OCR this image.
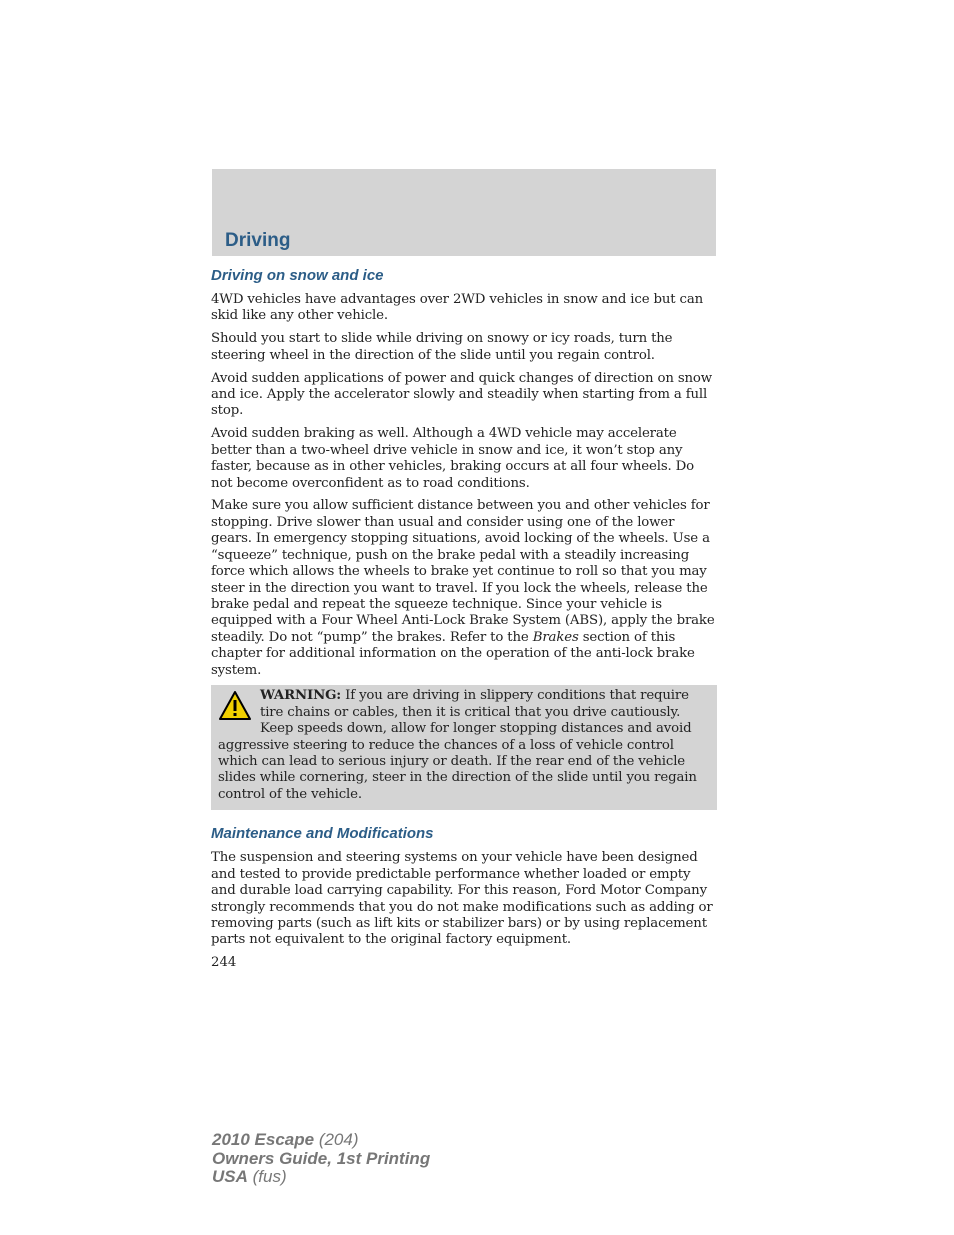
Driving
Driving on snow and ice

4WD vehicles have advantages over 2WD vehicles in snow and ice but can skid like any other vehicle.

Should you start to slide while driving on snowy or icy roads, turn the steering wheel in the direction of the slide until you regain control.

Avoid sudden applications of power and quick changes of direction on snow and ice. Apply the accelerator slowly and steadily when starting from a full stop.

Avoid sudden braking as well. Although a 4WD vehicle may accelerate better than a two-wheel drive vehicle in snow and ice, it won’t stop any faster, because as in other vehicles, braking occurs at all four wheels. Do not become overconfident as to road conditions.

Make sure you allow sufficient distance between you and other vehicles for stopping. Drive slower than usual and consider using one of the lower gears. In emergency stopping situations, avoid locking of the wheels. Use a “squeeze” technique, push on the brake pedal with a steadily increasing force which allows the wheels to brake yet continue to roll so that you may steer in the direction you want to travel. If you lock the wheels, release the brake pedal and repeat the squeeze technique. Since your vehicle is equipped with a Four Wheel Anti-Lock Brake System (ABS), apply the brake steadily. Do not “pump” the brakes. Refer to the Brakes section of this chapter for additional information on the operation of the anti-lock brake system.

WARNING: If you are driving in slippery conditions that require tire chains or cables, then it is critical that you drive cautiously. Keep speeds down, allow for longer stopping distances and avoid aggressive steering to reduce the chances of a loss of vehicle control which can lead to serious injury or death. If the rear end of the vehicle slides while cornering, steer in the direction of the slide until you regain control of the vehicle.

Maintenance and Modifications

The suspension and steering systems on your vehicle have been designed and tested to provide predictable performance whether loaded or empty and durable load carrying capability. For this reason, Ford Motor Company strongly recommends that you do not make modifications such as adding or removing parts (such as lift kits or stabilizer bars) or by using replacement parts not equivalent to the original factory equipment.

244
2010 Escape (204)
Owners Guide, 1st Printing
USA (fus)
